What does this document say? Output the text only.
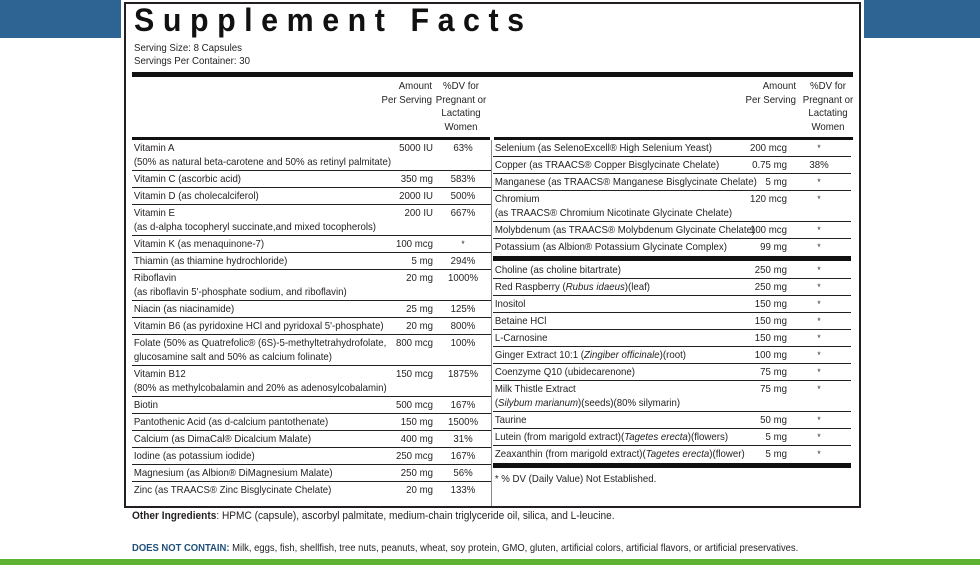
Supplement Facts
Serving Size: 8 Capsules
Servings Per Container: 30
Amount
Per Serving
%DV for
Pregnant or
Lactating
Women
Amount
Per Serving
%DV for
Pregnant or
Lactating
Women
Vitamin A
(50% as natural beta-carotene and 50% as retinyl palmitate)
5000 IU	63%
Vitamin C (ascorbic acid)	350 mg	583%
Vitamin D (as cholecalciferol)	2000 IU	500%
Vitamin E
(as d-alpha tocopheryl succinate,and mixed tocopherols)
200 IU	667%
Vitamin K (as menaquinone-7)	100 mcg	*
Thiamin (as thiamine hydrochloride)	5 mg	294%
Riboflavin
(as riboflavin 5'-phosphate sodium, and riboflavin)
20 mg	1000%
Niacin (as niacinamide)	25 mg	125%
Vitamin B6 (as pyridoxine HCl and pyridoxal 5'-phosphate)	20 mg	800%
Folate (50% as Quatrefolic® (6S)-5-methyltetrahydrofolate,
glucosamine salt and 50% as calcium folinate)
800 mcg	100%
Vitamin B12
(80% as methylcobalamin and 20% as adenosylcobalamin)
150 mcg	1875%
Biotin	500 mcg	167%
Pantothenic Acid (as d-calcium pantothenate)	150 mg	1500%
Calcium (as DimaCal® Dicalcium Malate)	400 mg	31%
Iodine (as potassium iodide)	250 mcg	167%
Magnesium (as Albion® DiMagnesium Malate)	250 mg	56%
Zinc (as TRAACS® Zinc Bisglycinate Chelate)	20 mg	133%
Selenium (as SelenoExcell® High Selenium Yeast)	200 mcg	*
Copper (as TRAACS® Copper Bisglycinate Chelate)	0.75 mg	38%
Manganese (as TRAACS® Manganese Bisglycinate Chelate) 5 mg	*
Chromium
(as TRAACS® Chromium Nicotinate Glycinate Chelate)
120 mcg	*
Molybdenum (as TRAACS® Molybdenum Glycinate Chelate)
100 mcg	*
Potassium (as Albion® Potassium Glycinate Complex)	99 mg	*
Choline (as choline bitartrate)	250 mg	*
Red Raspberry (Rubus idaeus)(leaf)	250 mg	*
Inositol	150 mg	*
Betaine HCl	150 mg	*
L-Carnosine	150 mg	*
Ginger Extract 10:1 (Zingiber officinale)(root)	100 mg	*
Coenzyme Q10 (ubidecarenone)	75 mg	*
Milk Thistle Extract
(Silybum marianum)(seeds)(80% silymarin)
75 mg	*
Taurine	50 mg	*
Lutein (from marigold extract)(Tagetes erecta)(flowers)	5 mg	*
Zeaxanthin (from marigold extract)(Tagetes erecta)(flower)	5 mg	*
* % DV (Daily Value) Not Established.
Other Ingredients: HPMC (capsule), ascorbyl palmitate, medium-chain triglyceride oil, silica, and L-leucine.
DOES NOT CONTAIN: Milk, eggs, fish, shellfish, tree nuts, peanuts, wheat, soy protein, GMO, gluten, artificial colors, artificial flavors, or artificial preservatives.
